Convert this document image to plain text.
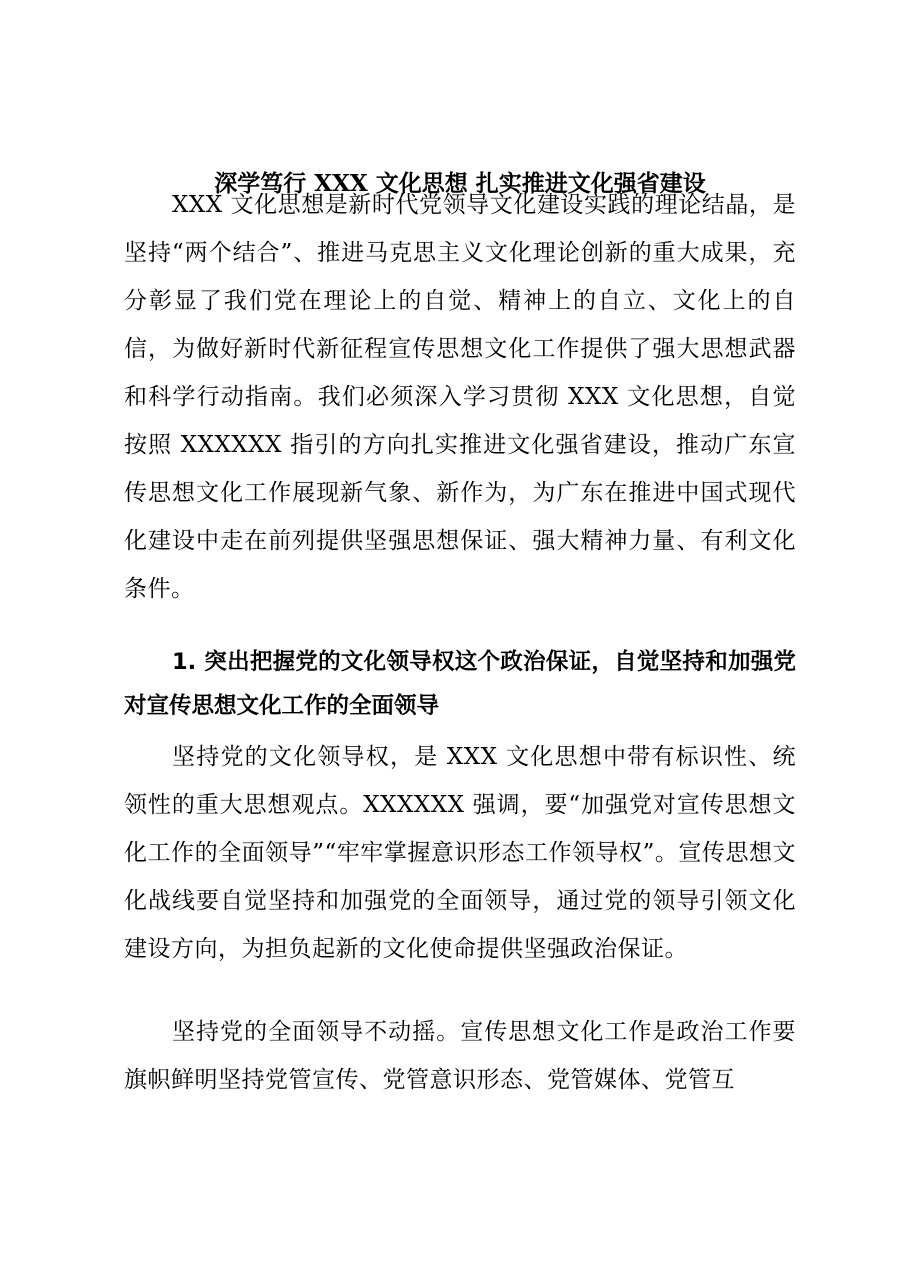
深学笃行 XXX 文化思想 扎实推进文化强省建设

XXX 文化思想是新时代党领导文化建设实践的理论结晶，是坚持“两个结合”、推进马克思主义文化理论创新的重大成果，充分彰显了我们党在理论上的自觉、精神上的自立、文化上的自信，为做好新时代新征程宣传思想文化工作提供了强大思想武器和科学行动指南。我们必须深入学习贯彻 XXX 文化思想，自觉按照 XXXXXX 指引的方向扎实推进文化强省建设，推动广东宣传思想文化工作展现新气象、新作为，为广东在推进中国式现代化建设中走在前列提供坚强思想保证、强大精神力量、有利文化条件。

1. 突出把握党的文化领导权这个政治保证，自觉坚持和加强党对宣传思想文化工作的全面领导

坚持党的文化领导权，是 XXX 文化思想中带有标识性、统领性的重大思想观点。XXXXXX 强调，要“加强党对宣传思想文化工作的全面领导”“牢牢掌握意识形态工作领导权”。宣传思想文化战线要自觉坚持和加强党的全面领导，通过党的领导引领文化建设方向，为担负起新的文化使命提供坚强政治保证。

坚持党的全面领导不动摇。宣传思想文化工作是政治工作要旗帜鲜明坚持党管宣传、党管意识形态、党管媒体、党管互
